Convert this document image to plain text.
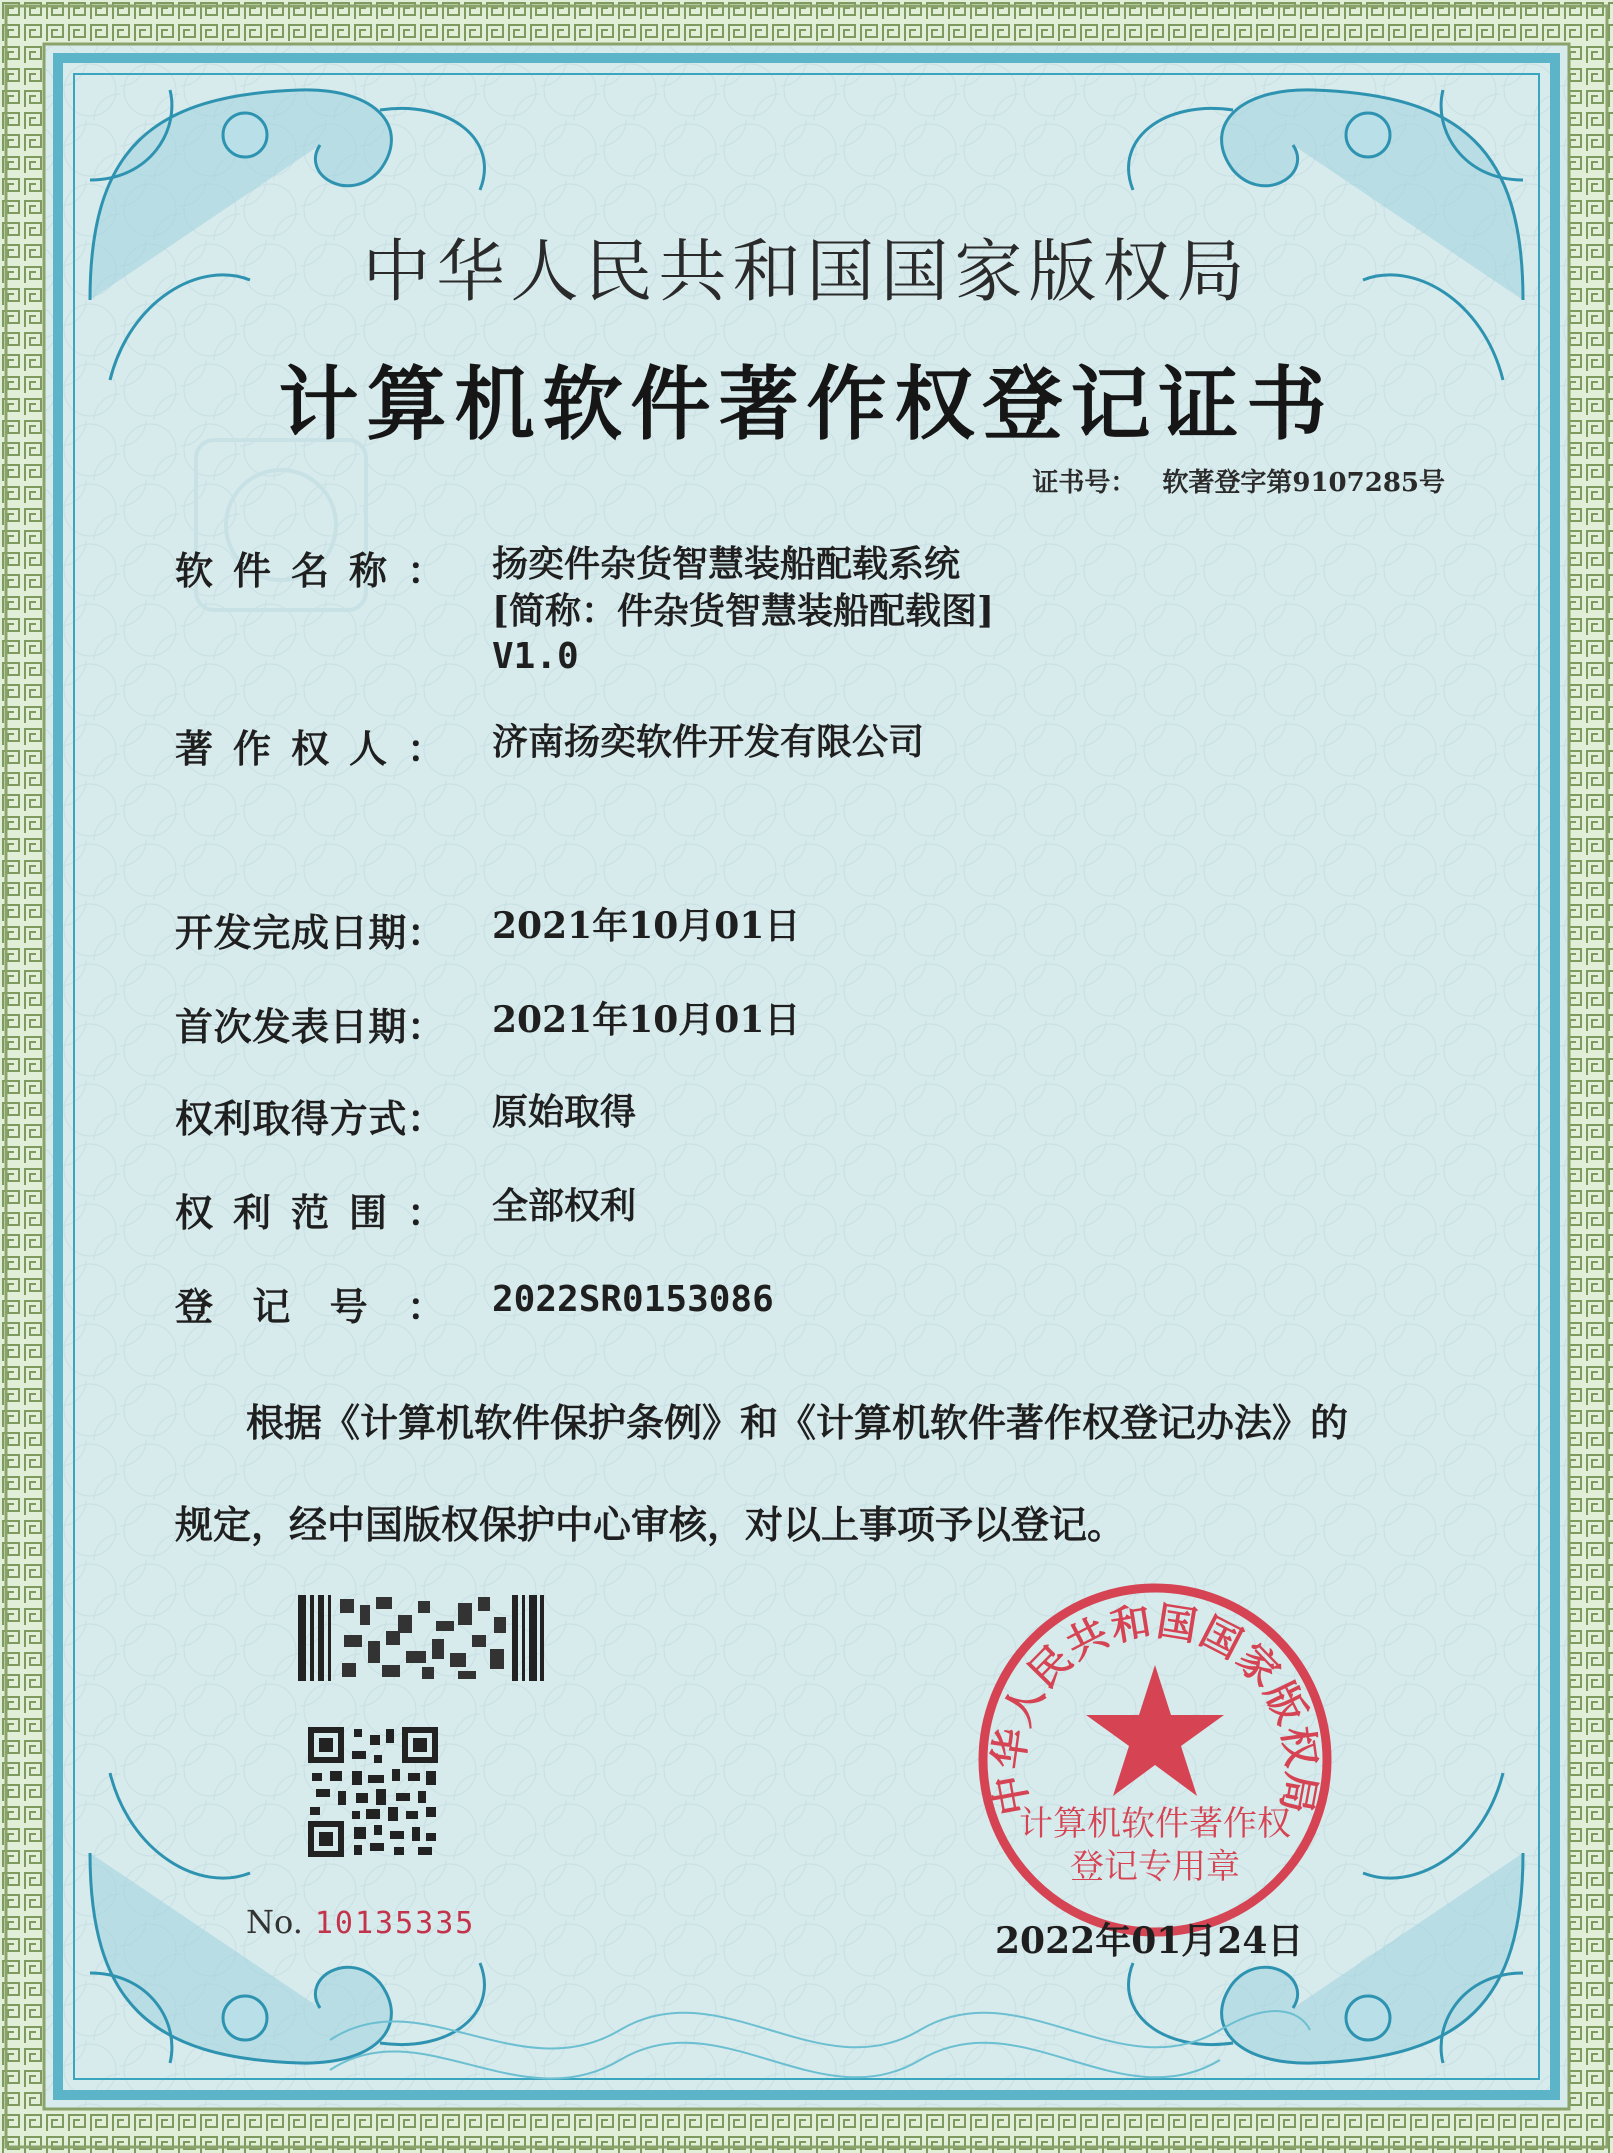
中华人民共和国国家版权局
计算机软件著作权登记证书
证书号： 软著登字第9107285号
软件名称： 扬奕件杂货智慧装船配载系统
[简称：件杂货智慧装船配载图]
V1.0
著作权人： 济南扬奕软件开发有限公司
开发完成日期： 2021年10月01日
首次发表日期： 2021年10月01日
权利取得方式： 原始取得
权利范围： 全部权利
登记号： 2022SR0153086
根据《计算机软件保护条例》和《计算机软件著作权登记办法》的
规定，经中国版权保护中心审核，对以上事项予以登记。
No. 10135335
中华人民共和国国家版权局
计算机软件著作权
登记专用章
2022年01月24日
